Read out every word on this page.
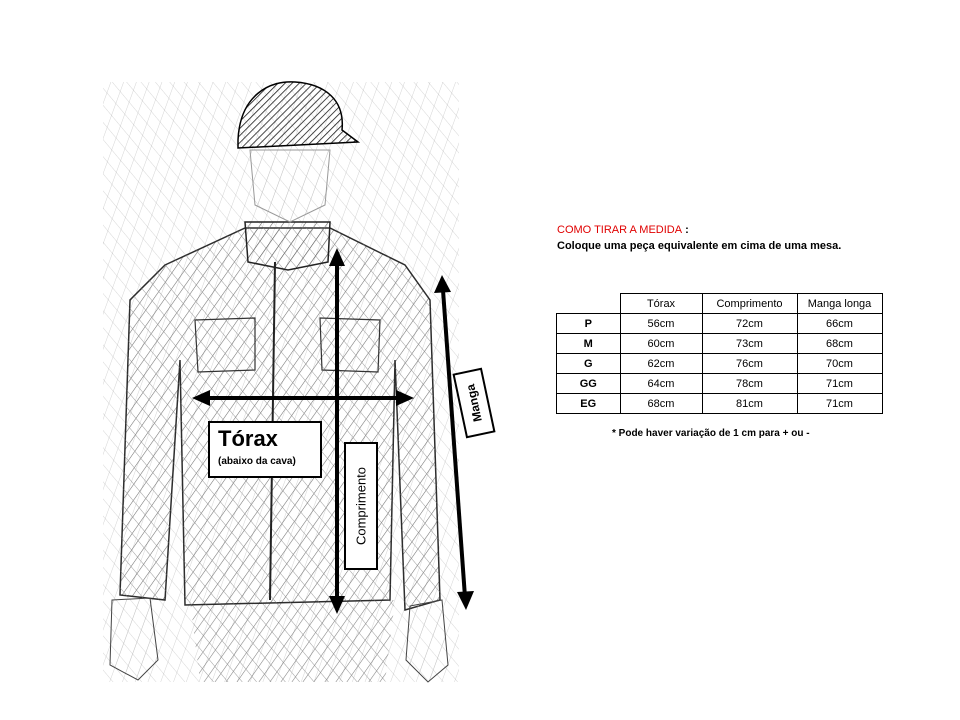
Tórax
(abaixo da cava)
Comprimento
Manga
COMO TIRAR A MEDIDA :
Coloque uma peça equivalente em cima de uma mesa.
	Tórax	Comprimento	Manga longa
P	56cm	72cm	66cm
M	60cm	73cm	68cm
G	62cm	76cm	70cm
GG	64cm	78cm	71cm
EG	68cm	81cm	71cm
* Pode haver variação de 1 cm para + ou -
